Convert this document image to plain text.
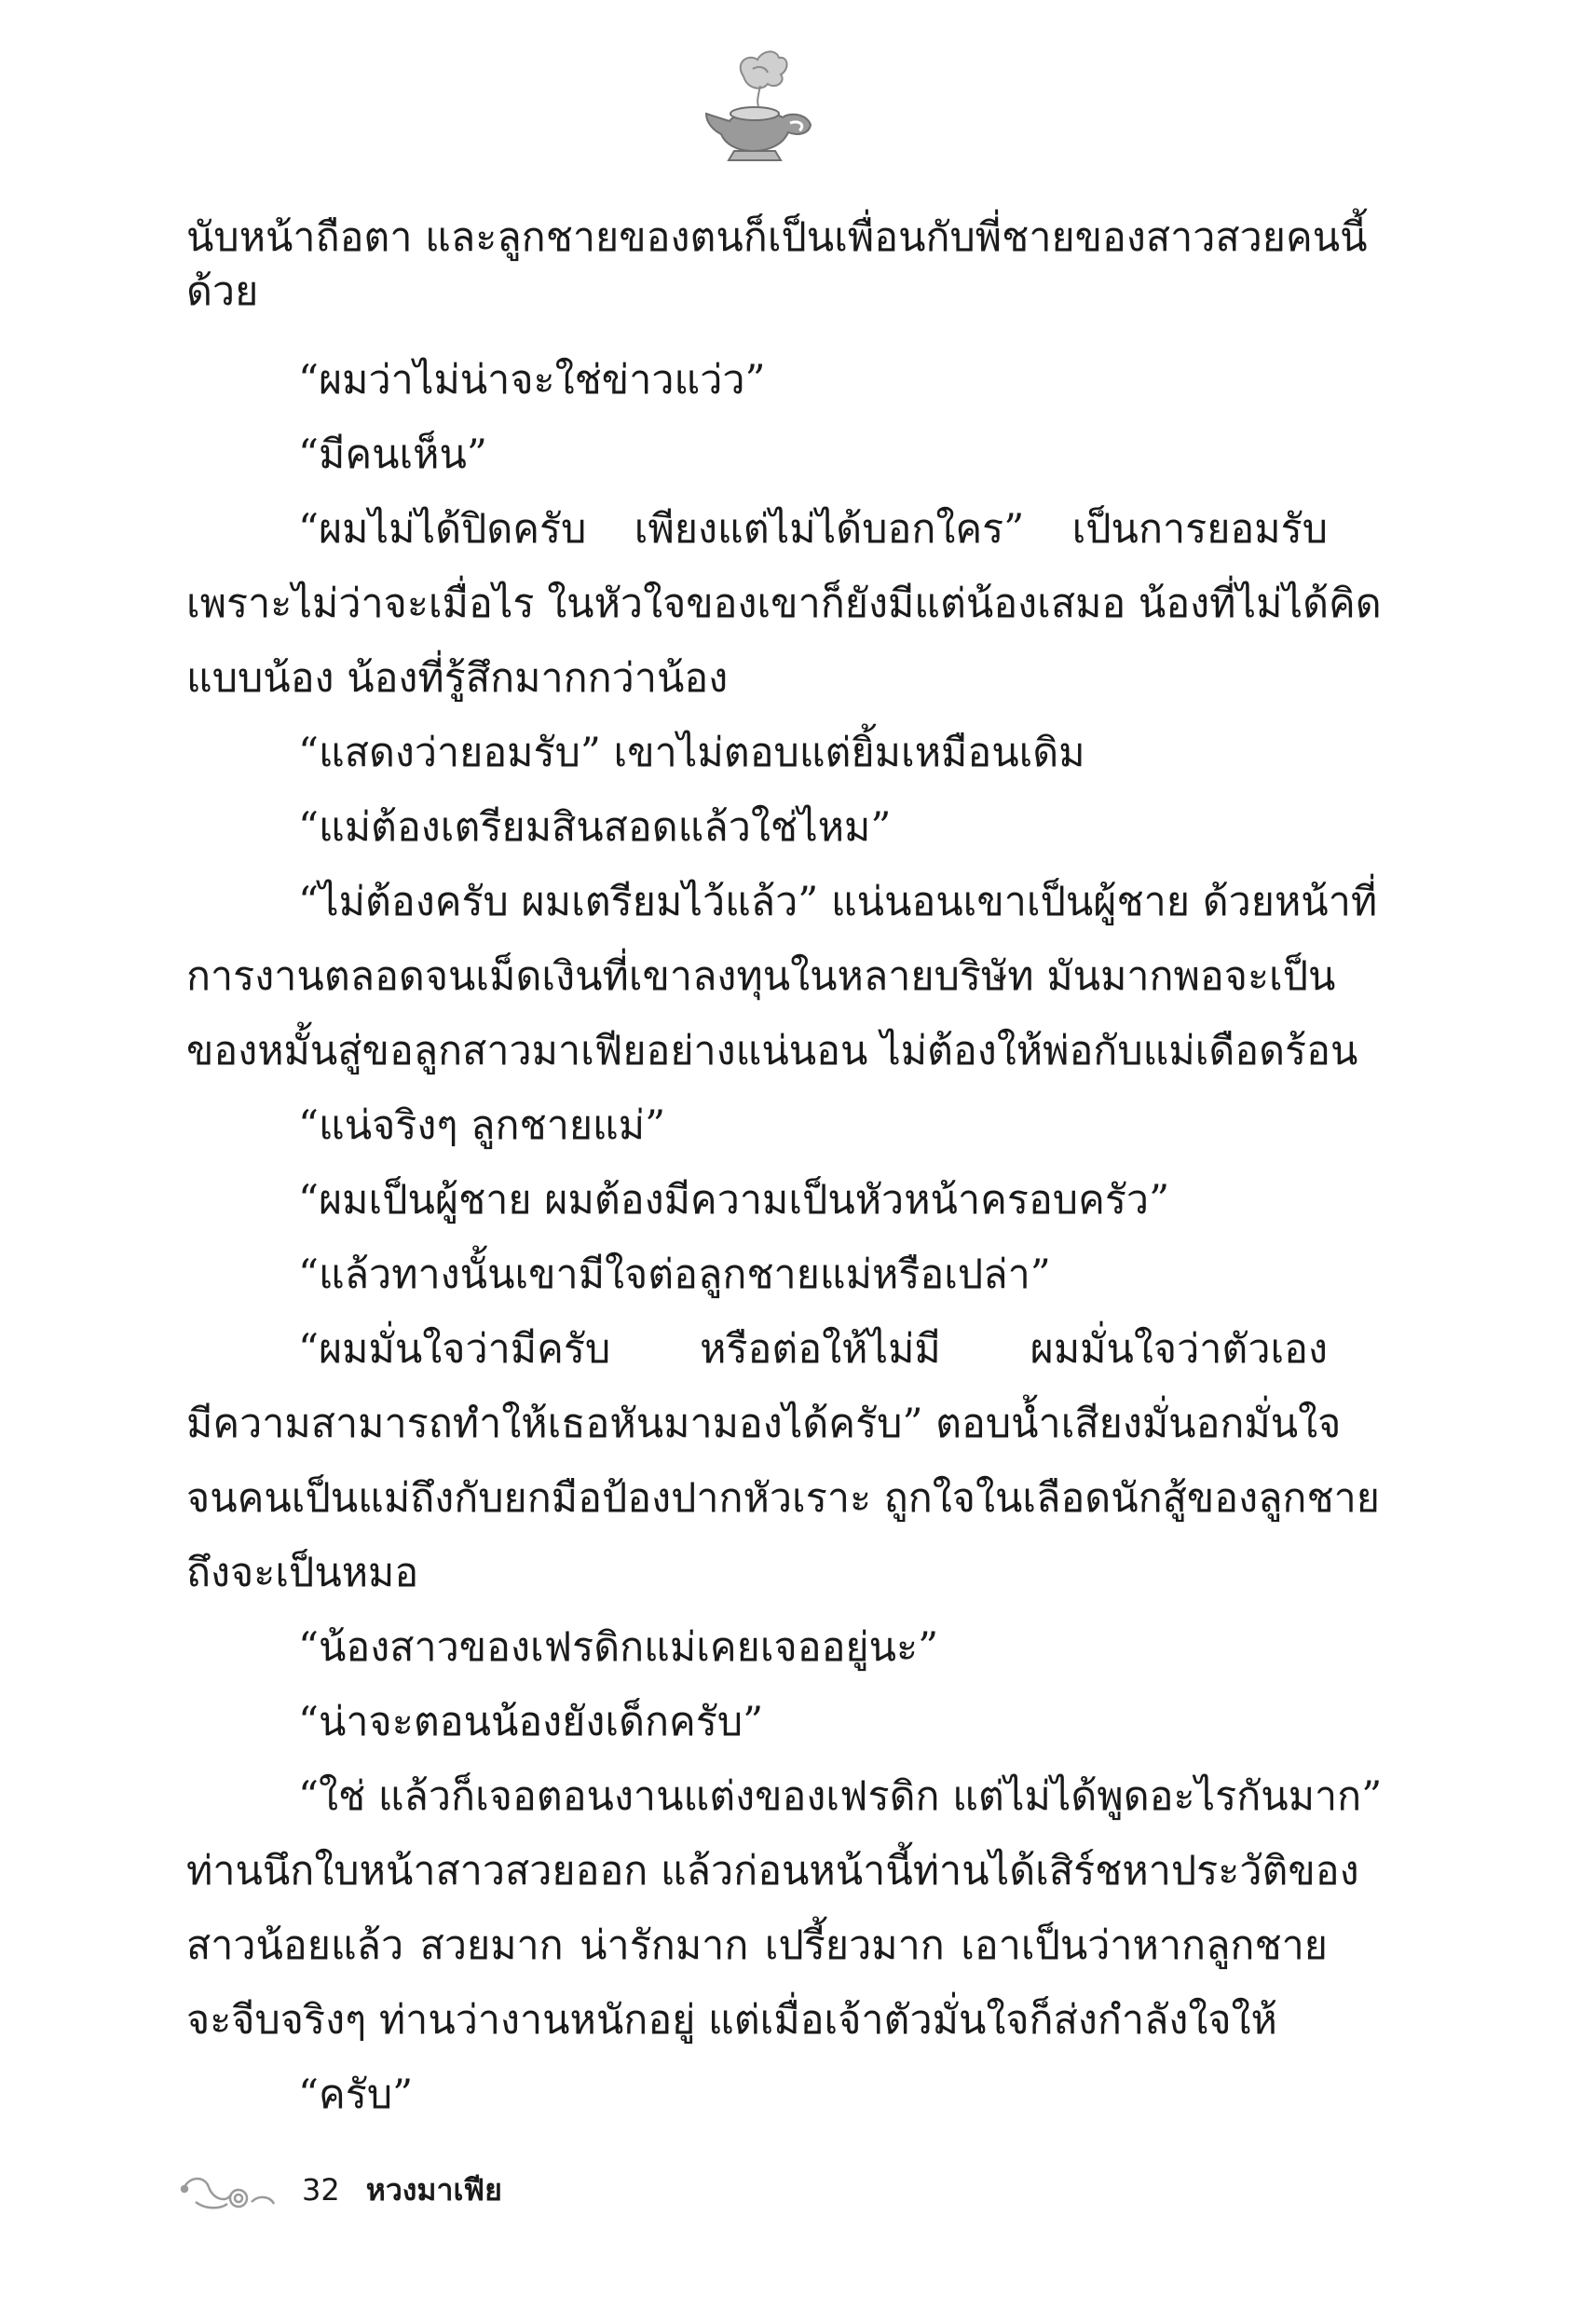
นับหน้าถือตา และลูกชายของตนก็เป็นเพื่อนกับพี่ชายของสาวสวยคนนี้
ด้วย
“ผมว่าไม่น่าจะใช่ข่าวแว่ว”
“มีคนเห็น”
“ผมไม่ได้ปิดครับ เพียงแต่ไม่ได้บอกใคร” เป็นการยอมรับ
เพราะไม่ว่าจะเมื่อไร ในหัวใจของเขาก็ยังมีแต่น้องเสมอ น้องที่ไม่ได้คิด
แบบน้อง น้องที่รู้สึกมากกว่าน้อง
“แสดงว่ายอมรับ” เขาไม่ตอบแต่ยิ้มเหมือนเดิม
“แม่ต้องเตรียมสินสอดแล้วใช่ไหม”
“ไม่ต้องครับ ผมเตรียมไว้แล้ว” แน่นอนเขาเป็นผู้ชาย ด้วยหน้าที่
การงานตลอดจนเม็ดเงินที่เขาลงทุนในหลายบริษัท มันมากพอจะเป็น
ของหมั้นสู่ขอลูกสาวมาเฟียอย่างแน่นอน ไม่ต้องให้พ่อกับแม่เดือดร้อน
“แน่จริงๆ ลูกชายแม่”
“ผมเป็นผู้ชาย ผมต้องมีความเป็นหัวหน้าครอบครัว”
“แล้วทางนั้นเขามีใจต่อลูกชายแม่หรือเปล่า”
“ผมมั่นใจว่ามีครับ หรือต่อให้ไม่มี ผมมั่นใจว่าตัวเอง
มีความสามารถทำให้เธอหันมามองได้ครับ” ตอบน้ำเสียงมั่นอกมั่นใจ
จนคนเป็นแม่ถึงกับยกมือป้องปากหัวเราะ ถูกใจในเลือดนักสู้ของลูกชาย
ถึงจะเป็นหมอ
“น้องสาวของเฟรดิกแม่เคยเจออยู่นะ”
“น่าจะตอนน้องยังเด็กครับ”
“ใช่ แล้วก็เจอตอนงานแต่งของเฟรดิก แต่ไม่ได้พูดอะไรกันมาก”
ท่านนึกใบหน้าสาวสวยออก แล้วก่อนหน้านี้ท่านได้เสิร์ชหาประวัติของ
สาวน้อยแล้ว สวยมาก น่ารักมาก เปรี้ยวมาก เอาเป็นว่าหากลูกชาย
จะจีบจริงๆ ท่านว่างานหนักอยู่ แต่เมื่อเจ้าตัวมั่นใจก็ส่งกำลังใจให้
“ครับ”
32 หวงมาเฟีย
